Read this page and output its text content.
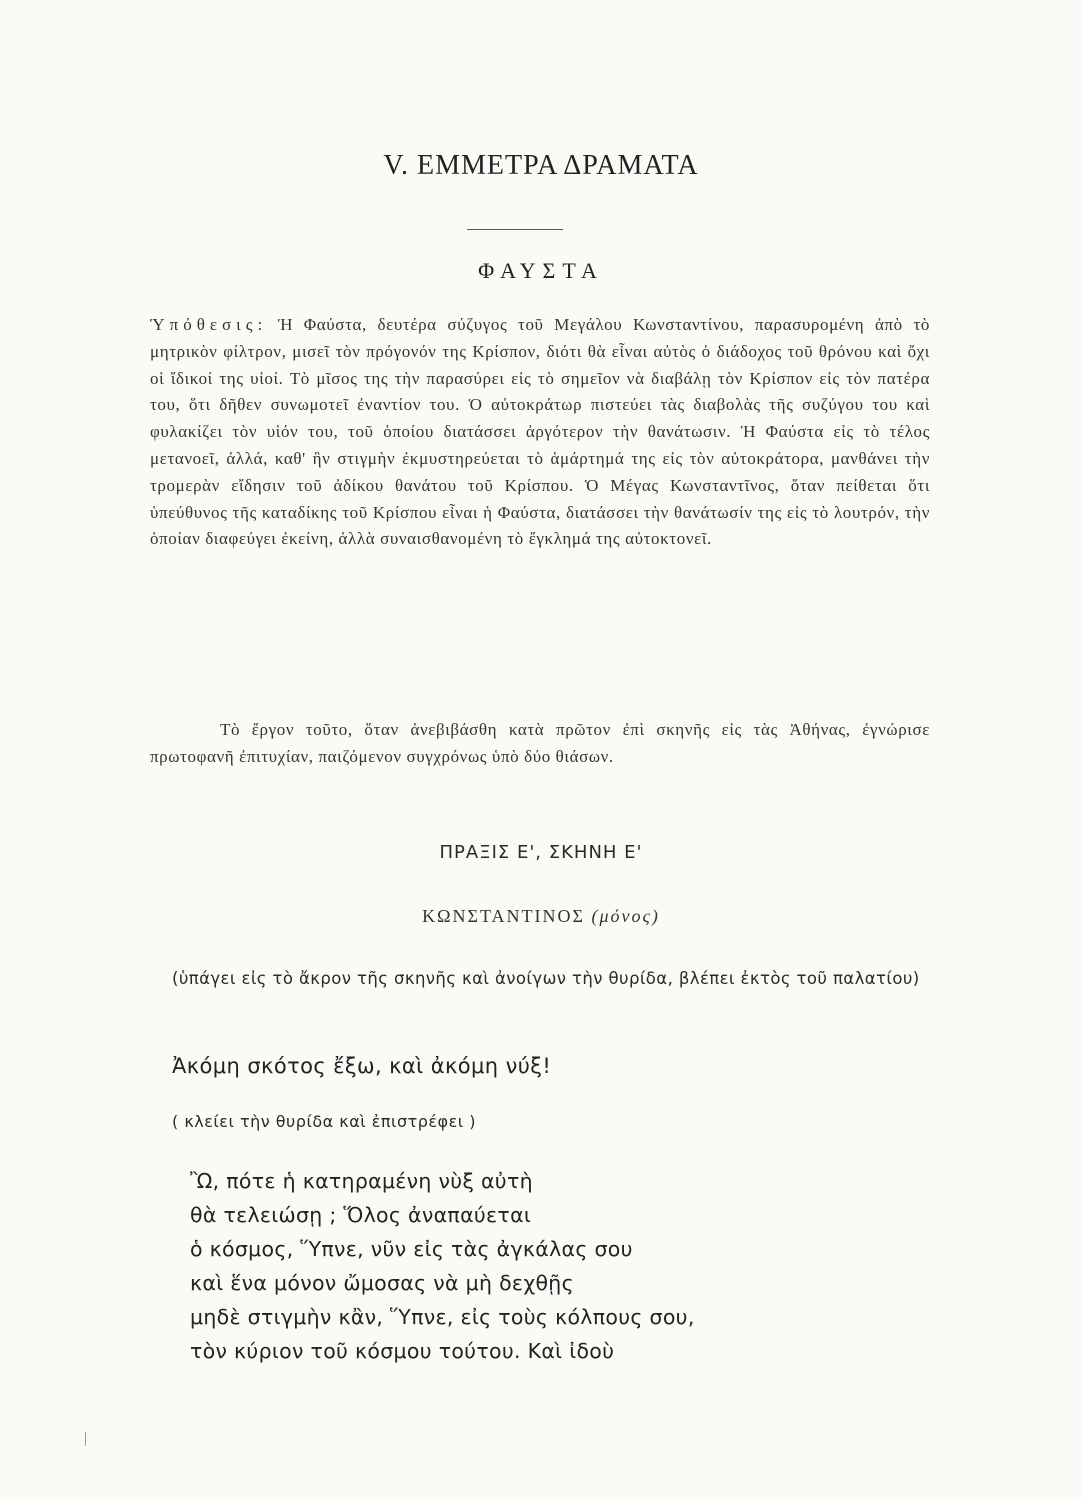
V. ΕΜΜΕΤΡΑ ΔΡΑΜΑΤΑ
ΦΑΥΣΤΑ
Ὑπόθεσις: Ἡ Φαύστα, δευτέρα σύζυγος τοῦ Μεγάλου Κωνσταντίνου, παρασυρομένη ἀπὸ τὸ μητρικὸν φίλτρον, μισεῖ τὸν πρόγονόν της Κρίσπον, διότι θὰ εἶναι αὐτὸς ὁ διάδοχος τοῦ θρόνου καὶ ὄχι οἱ ἴδικοί της υἱοί. Τὸ μῖσος της τὴν παρασύρει εἰς τὸ σημεῖον νὰ διαβάλῃ τὸν Κρίσπον εἰς τὸν πατέρα του, ὅτι δῆθεν συνωμοτεῖ ἐναντίον του. Ὁ αὐτοκράτωρ πιστεύει τὰς διαβολὰς τῆς συζύγου του καὶ φυλακίζει τὸν υἱόν του, τοῦ ὁποίου διατάσσει ἀργότερον τὴν θανάτωσιν. Ἡ Φαύστα εἰς τὸ τέλος μετανοεῖ, ἀλλά, καθ' ἣν στιγμὴν ἐκμυστηρεύεται τὸ ἁμάρτημά της εἰς τὸν αὐτοκράτορα, μανθάνει τὴν τρομερὰν εἴδησιν τοῦ ἀδίκου θανάτου τοῦ Κρίσπου. Ὁ Μέγας Κωνσταντῖνος, ὅταν πείθεται ὅτι ὑπεύθυνος τῆς καταδίκης τοῦ Κρίσπου εἶναι ἡ Φαύστα, διατάσσει τὴν θανάτωσίν της εἰς τὸ λουτρόν, τὴν ὁποίαν διαφεύγει ἐκείνη, ἀλλὰ συναισθανομένη τὸ ἔγκλημά της αὐτοκτονεῖ.
Τὸ ἔργον τοῦτο, ὅταν ἀνεβιβάσθη κατὰ πρῶτον ἐπὶ σκηνῆς εἰς τὰς Ἀθήνας, ἐγνώρισε πρωτοφανῆ ἐπιτυχίαν, παιζόμενον συγχρόνως ὑπὸ δύο θιάσων.
ΠΡΑΞΙΣ Ε', ΣΚΗΝΗ Ε'
ΚΩΝΣΤΑΝΤΙΝΟΣ (μόνος)
(ὑπάγει εἰς τὸ ἄκρον τῆς σκηνῆς καὶ ἀνοίγων τὴν θυρίδα, βλέπει ἐκτὸς τοῦ παλατίου)
Ἀκόμη σκότος ἔξω, καὶ ἀκόμη νύξ!
( κλείει τὴν θυρίδα καὶ ἐπιστρέφει )
Ὢ, πότε ἡ κατηραμένη νὺξ αὐτὴ
θὰ τελειώσῃ ; Ὅλος ἀναπαύεται
ὁ κόσμος, Ὕπνε, νῦν εἰς τὰς ἀγκάλας σου
καὶ ἕνα μόνον ὤμοσας νὰ μὴ δεχθῇς
μηδὲ στιγμὴν κἂν, Ὕπνε, εἰς τοὺς κόλπους σου,
τὸν κύριον τοῦ κόσμου τούτου. Καὶ ἰδοὺ
